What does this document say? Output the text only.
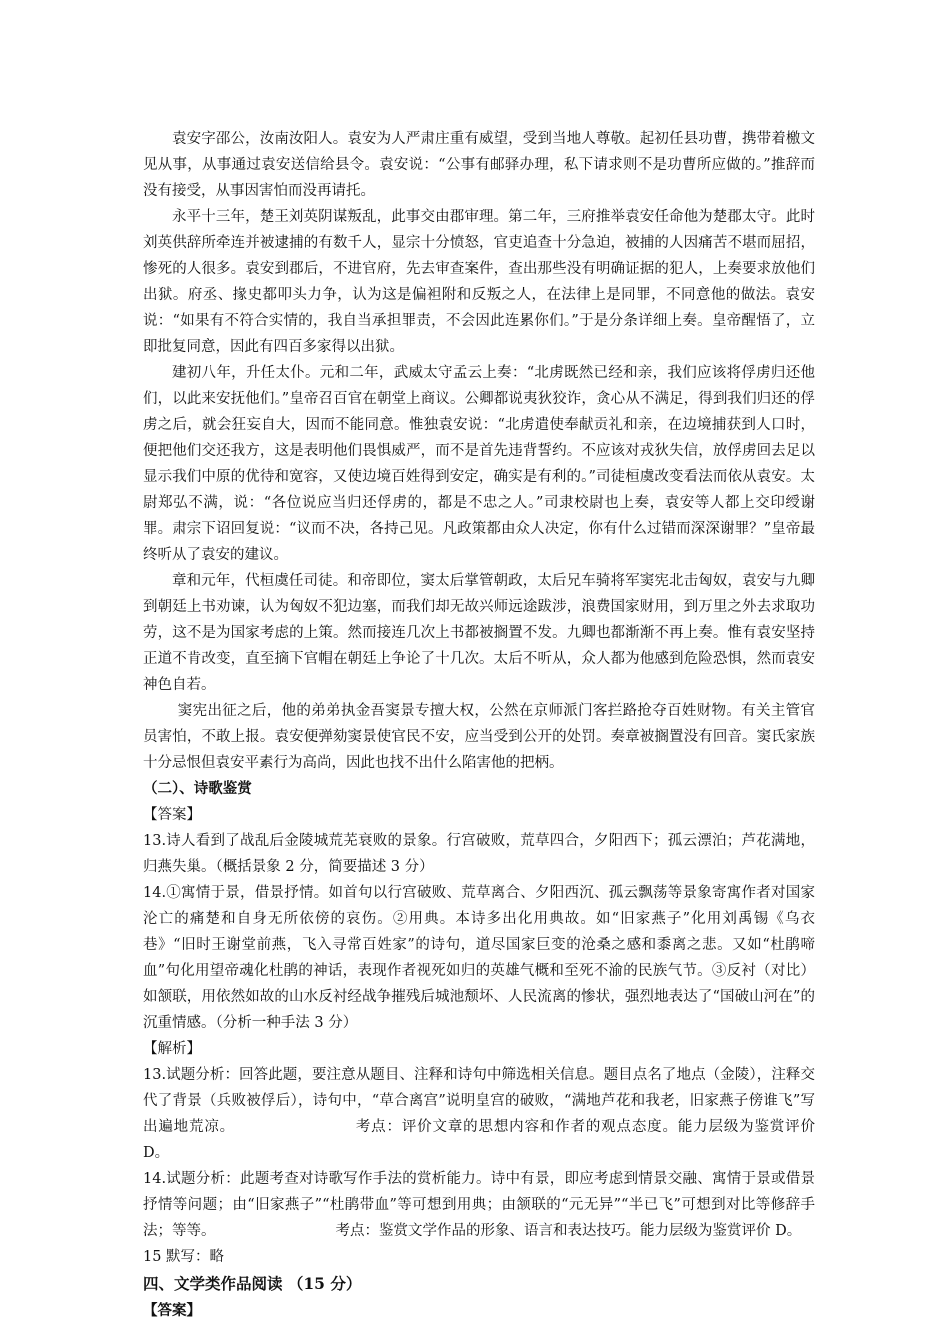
袁安字邵公，汝南汝阳人。袁安为人严肃庄重有威望，受到当地人尊敬。起初任县功曹，携带着檄文见从事，从事通过袁安送信给县令。袁安说：“公事有邮驿办理，私下请求则不是功曹所应做的。”推辞而没有接受，从事因害怕而没再请托。

永平十三年，楚王刘英阴谋叛乱，此事交由郡审理。第二年，三府推举袁安任命他为楚郡太守。此时刘英供辞所牵连并被逮捕的有数千人，显宗十分愤怒，官吏追查十分急迫，被捕的人因痛苦不堪而屈招，惨死的人很多。袁安到郡后，不进官府，先去审查案件，查出那些没有明确证据的犯人，上奏要求放他们出狱。府丞、掾史都叩头力争，认为这是偏袒附和反叛之人，在法律上是同罪，不同意他的做法。袁安说：“如果有不符合实情的，我自当承担罪责，不会因此连累你们。”于是分条详细上奏。皇帝醒悟了，立即批复同意，因此有四百多家得以出狱。

建初八年，升任太仆。元和二年，武威太守孟云上奏：“北虏既然已经和亲，我们应该将俘虏归还他们，以此来安抚他们。”皇帝召百官在朝堂上商议。公卿都说夷狄狡诈，贪心从不满足，得到我们归还的俘虏之后，就会狂妄自大，因而不能同意。惟独袁安说：“北虏遣使奉献贡礼和亲，在边境捕获到人口时，便把他们交还我方，这是表明他们畏惧威严，而不是首先违背誓约。不应该对戎狄失信，放俘虏回去足以显示我们中原的优待和宽容，又使边境百姓得到安定，确实是有利的。”司徒桓虞改变看法而依从袁安。太尉郑弘不满，说：“各位说应当归还俘虏的，都是不忠之人。”司隶校尉也上奏，袁安等人都上交印绶谢罪。肃宗下诏回复说：“议而不决，各持己见。凡政策都由众人决定，你有什么过错而深深谢罪？”皇帝最终听从了袁安的建议。

章和元年，代桓虞任司徒。和帝即位，窦太后掌管朝政，太后兄车骑将军窦宪北击匈奴，袁安与九卿到朝廷上书劝谏，认为匈奴不犯边塞，而我们却无故兴师远途跋涉，浪费国家财用，到万里之外去求取功劳，这不是为国家考虑的上策。然而接连几次上书都被搁置不发。九卿也都渐渐不再上奏。惟有袁安坚持正道不肯改变，直至摘下官帽在朝廷上争论了十几次。太后不听从，众人都为他感到危险恐惧，然而袁安神色自若。

窦宪出征之后，他的弟弟执金吾窦景专擅大权，公然在京师派门客拦路抢夺百姓财物。有关主管官员害怕，不敢上报。袁安便弹劾窦景使官民不安，应当受到公开的处罚。奏章被搁置没有回音。窦氏家族十分忌恨但袁安平素行为高尚，因此也找不出什么陷害他的把柄。

（二）、诗歌鉴赏

【答案】

13.诗人看到了战乱后金陵城荒芜衰败的景象。行宫破败，荒草四合，夕阳西下；孤云漂泊；芦花满地，归燕失巢。（概括景象 2 分，简要描述 3 分）

14.①寓情于景，借景抒情。如首句以行宫破败、荒草离合、夕阳西沉、孤云飘荡等景象寄寓作者对国家沦亡的痛楚和自身无所依傍的哀伤。②用典。本诗多出化用典故。如“旧家燕子”化用刘禹锡《乌衣巷》“旧时王谢堂前燕，飞入寻常百姓家”的诗句，道尽国家巨变的沧桑之感和黍离之悲。又如“杜鹃啼血”句化用望帝魂化杜鹃的神话，表现作者视死如归的英雄气概和至死不渝的民族气节。③反衬（对比）如颔联，用依然如故的山水反衬经战争摧残后城池颓坏、人民流离的惨状，强烈地表达了“国破山河在”的沉重情感。（分析一种手法 3 分）

【解析】

13.试题分析：回答此题，要注意从题目、注释和诗句中筛选相关信息。题目点名了地点（金陵），注释交代了背景（兵败被俘后），诗句中，“草合离宫”说明皇宫的破败，“满地芦花和我老，旧家燕子傍谁飞”写出遍地荒凉。	考点：评价文章的思想内容和作者的观点态度。能力层级为鉴赏评价 D。

14.试题分析：此题考查对诗歌写作手法的赏析能力。诗中有景，即应考虑到情景交融、寓情于景或借景抒情等问题；由“旧家燕子”“杜鹃带血”等可想到用典；由颔联的“元无异”“半已飞”可想到对比等修辞手法；等等。	考点：鉴赏文学作品的形象、语言和表达技巧。能力层级为鉴赏评价 D。

15 默写：略

四、文学类作品阅读 （15 分）

【答案】
